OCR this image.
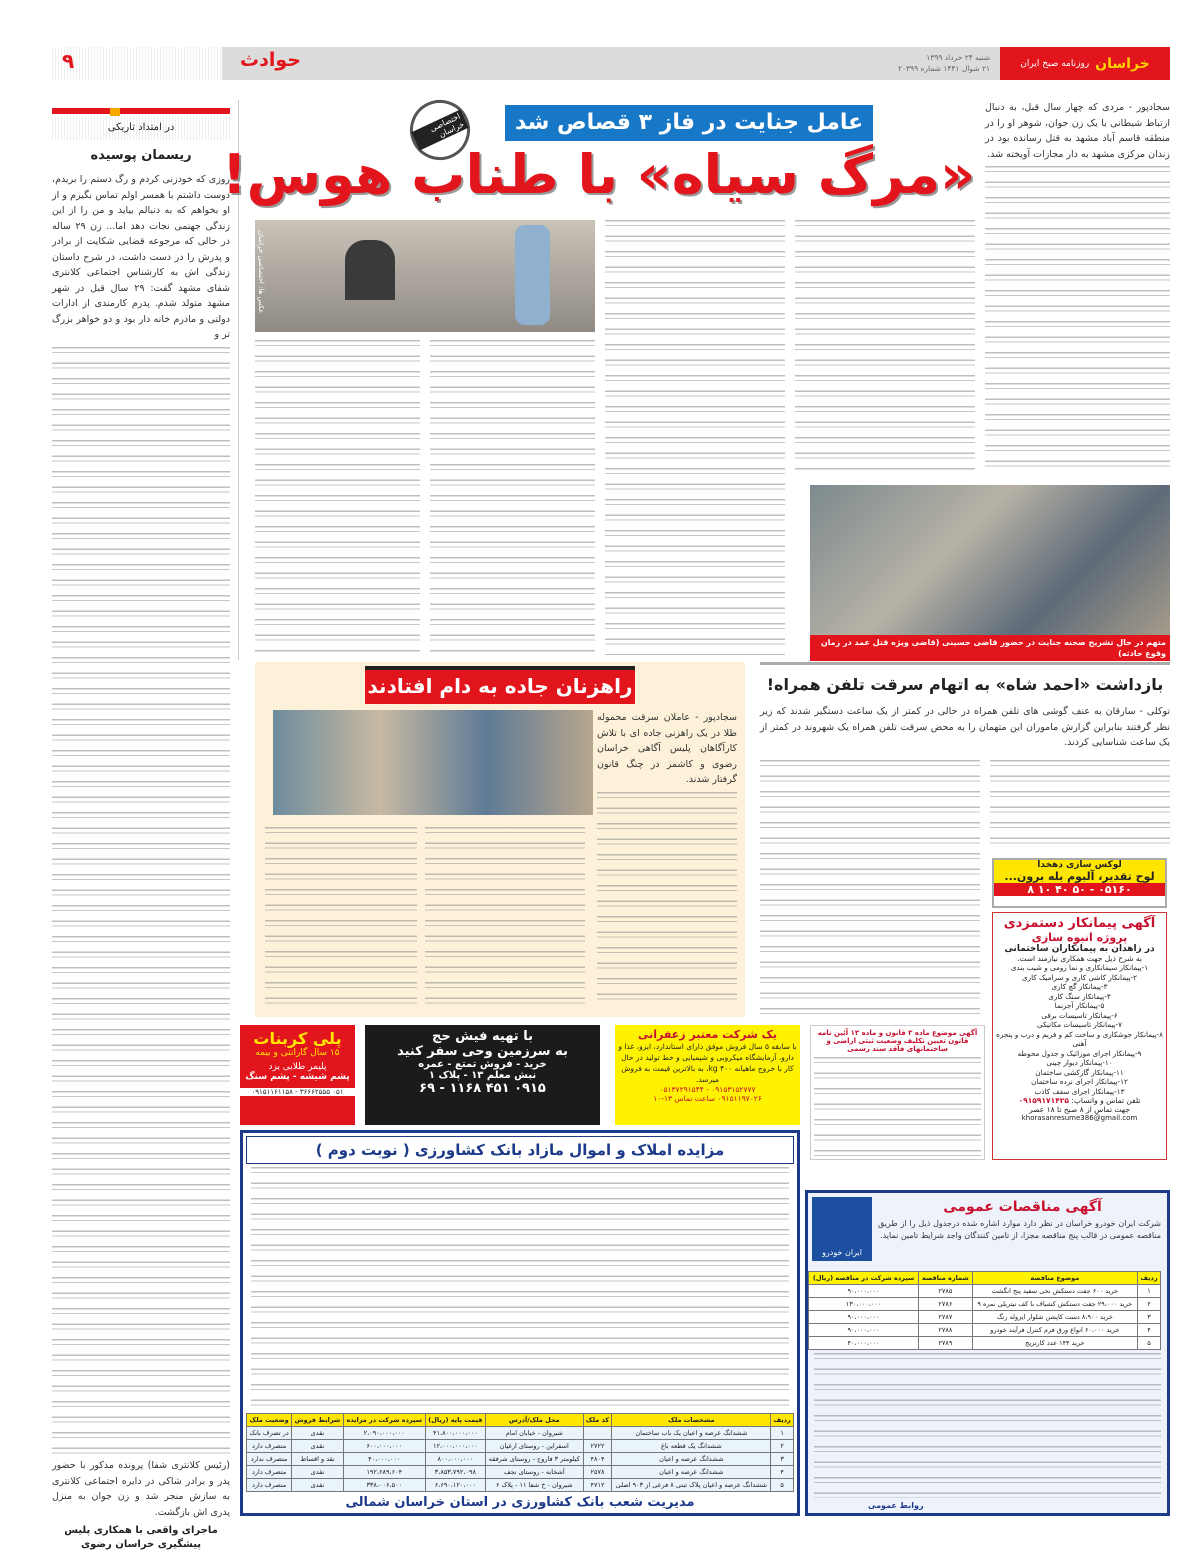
خراسان
روزنامه صبح ایران
شنبه ۲۴ خرداد ۱۳۹۹
۲۱ شوال ۱۴۴۱ شماره ۲۰۳۹۹
حوادث
۹
در امتداد تاریکی
ریسمان پوسیده
روزی که خودزنی کردم و رگ دستم را بریدم، دوست داشتم با همسر اولم تماس بگیرم و از او بخواهم که به دنبالم بیاید و من را از این زندگی جهنمی نجات دهد اما... زن ۲۹ ساله در حالی که مرجوعه قضایی شکایت از برادر و پدرش را در دست داشت، در شرح داستان زندگی اش به کارشناس اجتماعی کلانتری شفای مشهد گفت: ۲۹ سال قبل در شهر مشهد متولد شدم. پدرم کارمندی از ادارات دولتی و مادرم خانه دار بود و دو خواهر بزرگ تر و
(رئیس کلانتری شفا) پرونده مذکور با حضور پدر و برادر شاکی در دایره اجتماعی کلانتری به سازش منجر شد و زن جوان به منزل پدری اش بازگشت.
ماجرای واقعی با همکاری پلیس پیشگیری خراسان رضوی
عامل جنایت در فاز ۳ قصاص شد
اختصاصی خراسان
«مرگ سیاه» با طناب هوس!
سجادپور - مردی که چهار سال قبل، به دنبال ارتباط شیطانی با یک زن جوان، شوهر او را در منطقه قاسم آباد مشهد به قتل رسانده بود در زندان مرکزی مشهد به دار مجازات آویخته شد.
عکس ها: اختصاصی خراسان
متهم در حال تشریح صحنه جنایت در حضور قاضی حسینی (قاضی ویژه قتل عمد در زمان وقوع حادثه)
راهزنان جاده به دام افتادند
سجادپور - عاملان سرقت محموله طلا در یک راهزنی جاده ای با تلاش کارآگاهان پلیس آگاهی خراسان رضوی و کاشمر در چنگ قانون گرفتار شدند.
بازداشت «احمد شاه» به اتهام سرقت تلفن همراه!
توکلی - سارقان به عنف گوشی های تلفن همراه در حالی در کمتر از یک ساعت دستگیر شدند که زیر نظر گرفتند بنابراین گزارش ماموران این متهمان را به محض سرقت تلفن همراه یک شهروند در کمتر از یک ساعت شناسایی کردند.
لوکس سازی دهخدا
لوح تقدیر، آلبوم بله برون...
۰۵۱۶۰ - ۵۰ ۴۰ ۱۰ ۸
آگهی پیمانکار دستمزدی
پروژه انبوه سازی
در زاهدان به پیمانکاران ساختمانی
به شرح ذیل جهت همکاری نیازمند است.
۱-پیمانکار سیمانکاری و نما رومی و شیب بندی
۲-پیمانکار کاشی کاری و سرامیک کاری
۳-پیمانکار گچ کاری
۴-پیمانکار سنگ کاری
۵-پیمانکار آجرنما
۶-پیمانکار تاسیسات برقی
۷-پیمانکار تاسیسات مکانیکی
۸-پیمانکار جوشکاری و ساخت کم و فریم و درب و پنجره آهنی
۹-پیمانکار اجرای موزائیک و جدول محوطه
۱۰-پیمانکار دیوار چینی
۱۱-پیمانکار گازکشی ساختمان
۱۲-پیمانکار اجرای نرده ساختمان
۱۳-پیمانکار اجرای سقف کاذب
تلفن تماس و واتساپ: ۰۹۱۵۹۱۷۱۴۲۵
جهت تماس از ۸ صبح تا ۱۸ عصر
khorasanresume386@gmail.com
پلی کربنات
۱۵ سال گارانتی و بیمه
پلیمر طلایی یزد
پشم شیشه - پشم سنگ
۰۵۱ ۳۶۶۶۲۵۵۵ - ۰۹۱۵۱۱۶۱۱۵۸
با تهیه فیش حج
به سرزمین وحی سفر کنید
خرید - فروش تمتع - عمره
نبش معلم ۱۳ - پلاک ۱
۰۹۱۵ ۴۵۱ ۱۱۶۸ - ۶۹
یک شرکت معتبر زعفرانی
با سابقه ۵ سال فروش موفق دارای استاندارد، ایزو، غذا و دارو، آزمایشگاه میکروبی و شیمیایی و خط تولید در حال کار با خروج ماهیانه ۴۰۰ kg، به بالاترین قیمت به فروش میرسد.
۰۹۱۵۳۱۵۲۷۷۷ - ۰۵۱۳۷۲۹۱۵۴۴
۰۹۱۵۱۱۹۷۰۲۶ ساعت تماس ۱۳-۱۰
آگهی موضوع ماده ۳ قانون و ماده ۱۳ آئین نامه قانون تعیین تکلیف وضعیت ثبتی اراضی و ساختمانهای فاقد سند رسمی
مزایده املاک و اموال مازاد بانک کشاورزی ( نوبت دوم )
ردیف	مشخصات ملک	کد ملک	محل ملک/آدرس	قیمت پایه (ریال)	سپرده شرکت در مزایده	شرایط فروش	وضعیت ملک
۱	ششدانگ عرصه و اعیان یک باب ساختمان		شیروان - خیابان امام	۴۱،۸۰۰،۰۰۰،۰۰۰	۲،۰۹۰،۰۰۰،۰۰۰	نقدی	در تصرف بانک
۲	ششدانگ یک قطعه باغ	۲۷۲۲	اسفراین - روستای ارغیان	۱۲،۰۰۰،۰۰۰،۰۰۰	۶۰۰،۰۰۰،۰۰۰	نقدی	متصرف دارد
۳	ششدانگ عرصه و اعیان	۴۸۰۴	کیلومتر ۳ فاروج - روستای شرفقه	۸۰۰،۰۰۰،۰۰۰	۴۰،۰۰۰،۰۰۰	نقد و اقساط	متصرف ندارد
۴	ششدانگ عرصه و اعیان	۲۵۷۸	آشخانه - روستای نجف	۳،۸۵۳،۷۹۲،۰۹۸	۱۹۲،۶۸۹،۶۰۴	نقدی	متصرف دارد
۵	ششدانگ عرصه و اعیان پلاک ثبتی ۸ فرعی از ۹۰۳ اصلی	۴۷۱۲	شیروان - خ شفا ۱۱ - پلاک ۶	۶،۶۹۰،۱۲۰،۰۰۰	۳۳۸،۰۰۶،۵۰۰	نقدی	متصرف دارد
مدیریت شعب بانک کشاورزی در استان خراسان شمالی
ایران خودرو
آگهی مناقصات عمومی
شرکت ایران خودرو خراسان در نظر دارد موارد اشاره شده درجدول ذیل را از طریق مناقصه عمومی در قالب پنج مناقصه مجزا، از تامین کنندگان واجد شرایط تامین نماید.
ردیف	موضوع مناقصه	شماره مناقصه	سپرده شرکت در مناقصه (ریال)
۱	خرید ۶۰۰ جفت دستکش نخی سفید پنج انگشت	۲۷۸۵	۹۰،۰۰۰،۰۰۰
۲	خرید ۲۹،۰۰۰ جفت دستکش کشباف با کف نیتریلی نمره ۹	۲۷۸۶	۱۳۰،۰۰۰،۰۰۰
۳	خرید ۸،۹۰۰ دست کاپشن شلوار ایزوله رنگ	۲۷۸۷	۹۰،۰۰۰،۰۰۰
۴	خرید ۶۰،۰۰۰ انواع ورق فرم کنترل فرآیند خودرو	۲۷۸۸	۹۰،۰۰۰،۰۰۰
۵	خرید ۱۴۴ عدد کارتریج	۲۷۸۹	۴۰،۰۰۰،۰۰۰
روابط عمومی
